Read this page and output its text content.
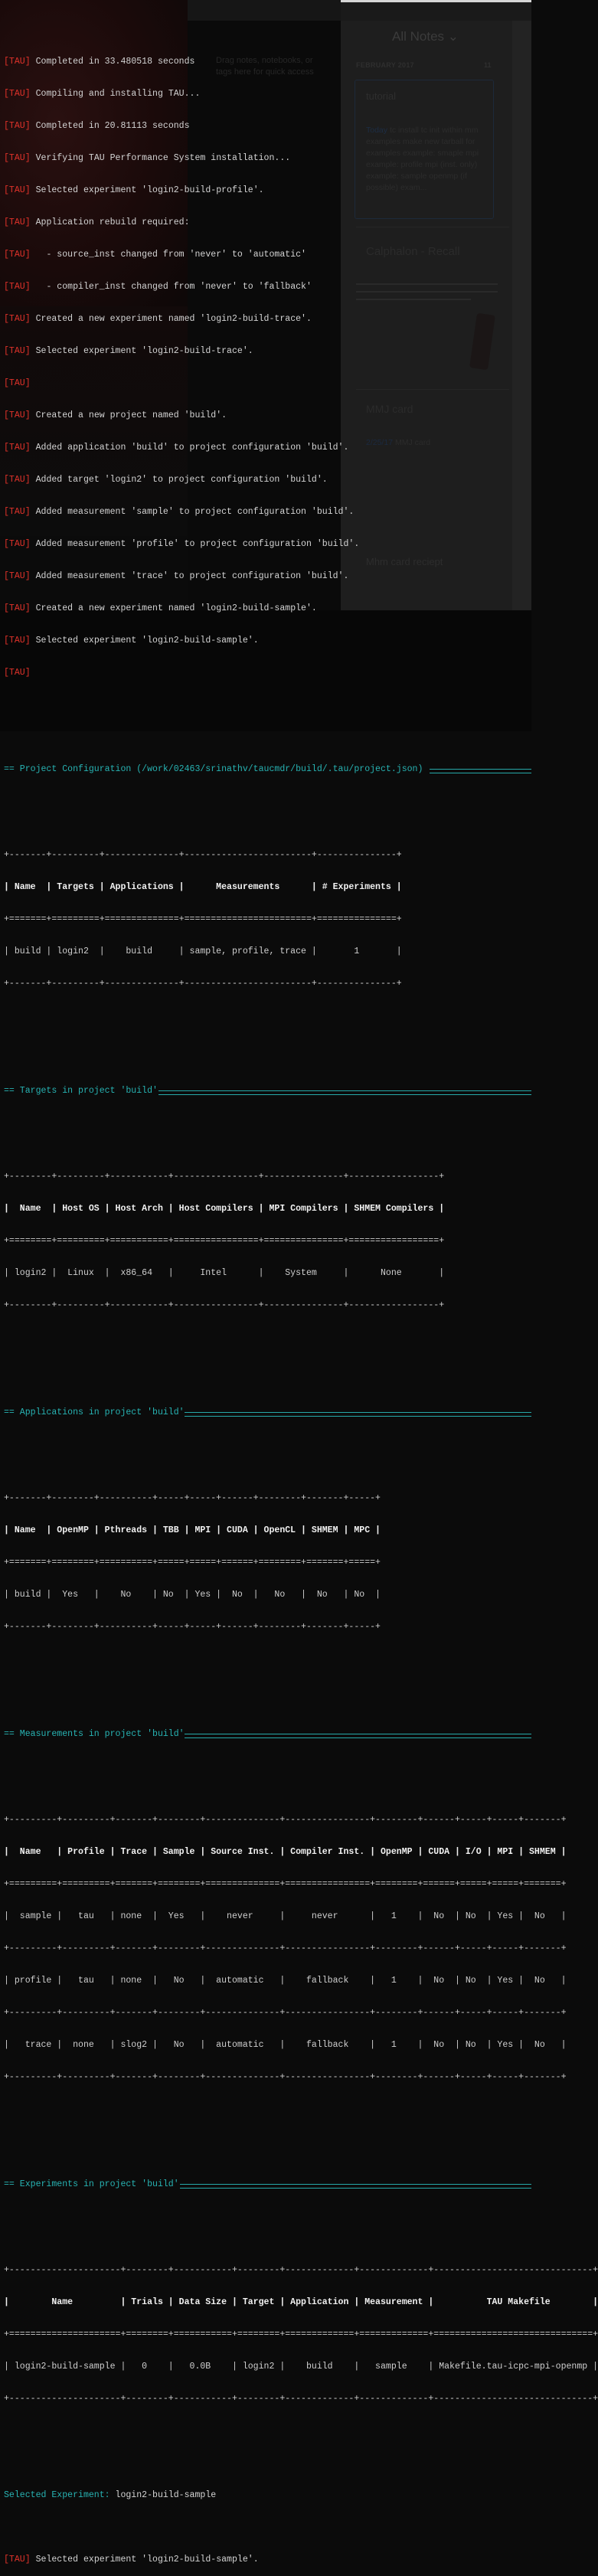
Drag notes, notebooks, or tags here for quick access
All Notes ⌄
FEBRUARY 2017	11
tutorial
Today tc install tc init within mm examples make new tarball for examples example: smaple mpi example: profile mpi (inst. only) example: sample openmp (if possible) exam...
Calphalon - Recall
MMJ card
2/25/17 MMJ card
Mhm card reciept

[TAU] Completed in 33.480518 seconds

[TAU] Compiling and installing TAU...

[TAU] Completed in 20.81113 seconds

[TAU] Verifying TAU Performance System installation...

[TAU] Selected experiment 'login2-build-profile'.

[TAU] Application rebuild required:

[TAU]   - source_inst changed from 'never' to 'automatic'

[TAU]   - compiler_inst changed from 'never' to 'fallback'

[TAU] Created a new experiment named 'login2-build-trace'.

[TAU] Selected experiment 'login2-build-trace'.

[TAU]

[TAU] Created a new project named 'build'.

[TAU] Added application 'build' to project configuration 'build'.

[TAU] Added target 'login2' to project configuration 'build'.

[TAU] Added measurement 'sample' to project configuration 'build'.

[TAU] Added measurement 'profile' to project configuration 'build'.

[TAU] Added measurement 'trace' to project configuration 'build'.

[TAU] Created a new experiment named 'login2-build-sample'.

[TAU] Selected experiment 'login2-build-sample'.

[TAU]

== Project Configuration (/work/02463/srinathv/taucmdr/build/.tau/project.json)

+-------+---------+--------------+------------------------+---------------+

| Name  | Targets | Applications |      Measurements      | # Experiments |

+=======+=========+==============+========================+===============+

| build | login2  |    build     | sample, profile, trace |       1       |

+-------+---------+--------------+------------------------+---------------+

== Targets in project 'build'

+--------+---------+-----------+----------------+---------------+-----------------+

|  Name  | Host OS | Host Arch | Host Compilers | MPI Compilers | SHMEM Compilers |

+========+=========+===========+================+===============+=================+

| login2 |  Linux  |  x86_64   |     Intel      |    System     |      None       |

+--------+---------+-----------+----------------+---------------+-----------------+

== Applications in project 'build'

+-------+--------+----------+-----+-----+------+--------+-------+-----+

| Name  | OpenMP | Pthreads | TBB | MPI | CUDA | OpenCL | SHMEM | MPC |

+=======+========+==========+=====+=====+======+========+=======+=====+

| build |  Yes   |    No    | No  | Yes |  No  |   No   |  No   | No  |

+-------+--------+----------+-----+-----+------+--------+-------+-----+

== Measurements in project 'build'

+---------+---------+-------+--------+--------------+----------------+--------+------+-----+-----+-------+

|  Name   | Profile | Trace | Sample | Source Inst. | Compiler Inst. | OpenMP | CUDA | I/O | MPI | SHMEM |

+=========+=========+=======+========+==============+================+========+======+=====+=====+=======+

|  sample |   tau   | none  |  Yes   |    never     |     never      |   1    |  No  | No  | Yes |  No   |

+---------+---------+-------+--------+--------------+----------------+--------+------+-----+-----+-------+

| profile |   tau   | none  |   No   |  automatic   |    fallback    |   1    |  No  | No  | Yes |  No   |

+---------+---------+-------+--------+--------------+----------------+--------+------+-----+-----+-------+

|   trace |  none   | slog2 |   No   |  automatic   |    fallback    |   1    |  No  | No  | Yes |  No   |

+---------+---------+-------+--------+--------------+----------------+--------+------+-----+-----+-------+

== Experiments in project 'build'

+---------------------+--------+-----------+--------+-------------+-------------+------------------------------+

|        Name         | Trials | Data Size | Target | Application | Measurement |          TAU Makefile        |

+=====================+========+===========+========+=============+=============+==============================+

| login2-build-sample |   0    |   0.0B    | login2 |    build    |   sample    | Makefile.tau-icpc-mpi-openmp |

+---------------------+--------+-----------+--------+-------------+-------------+------------------------------+

Selected Experiment: login2-build-sample

[TAU] Selected experiment 'login2-build-sample'.
